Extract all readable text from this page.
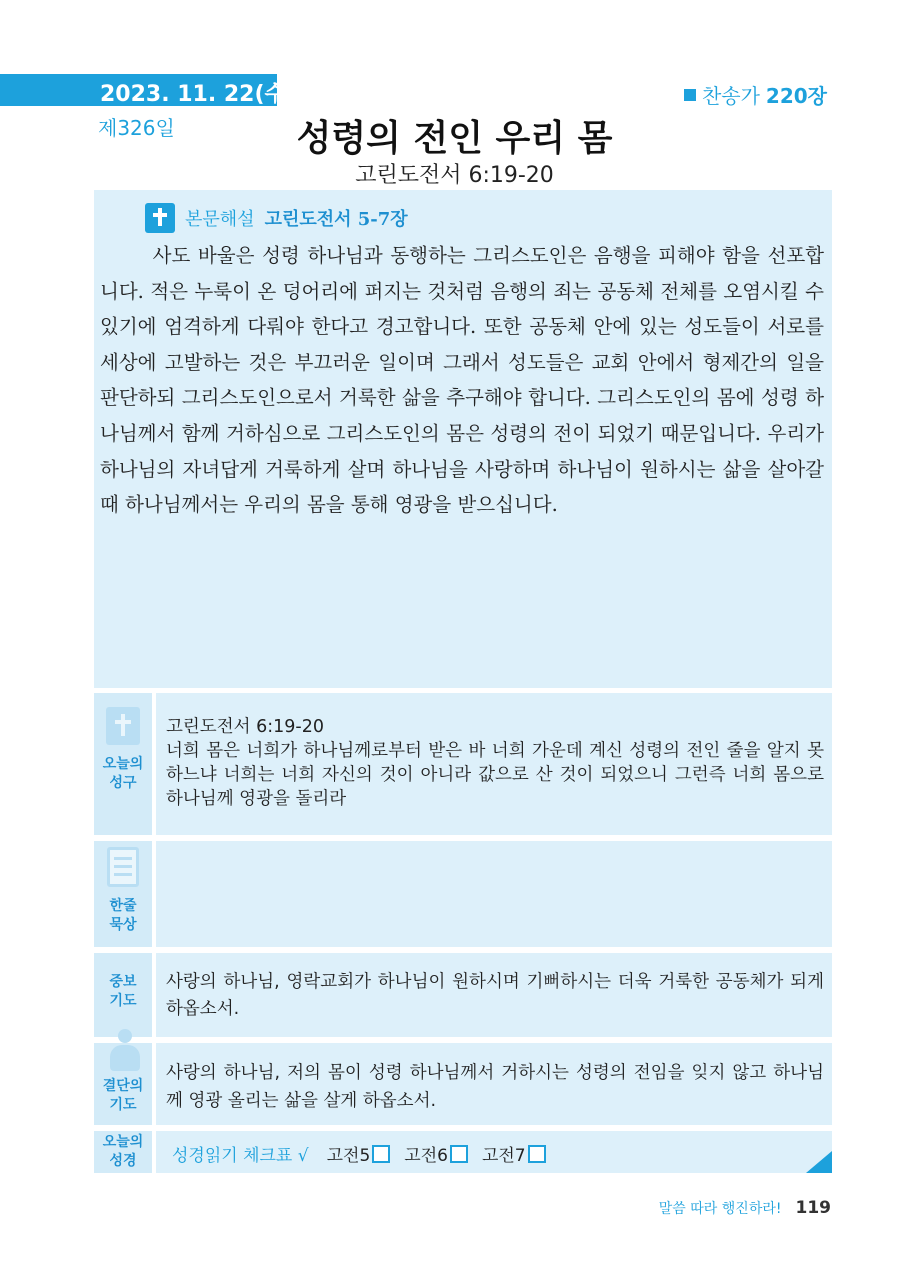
2023. 11. 22(수)
제326일
찬송가 220장
성령의 전인 우리 몸
고린도전서 6:19-20
본문해설 고린도전서 5-7장

사도 바울은 성령 하나님과 동행하는 그리스도인은 음행을 피해야 함을 선포합니다. 적은 누룩이 온 덩어리에 퍼지는 것처럼 음행의 죄는 공동체 전체를 오염시킬 수 있기에 엄격하게 다뤄야 한다고 경고합니다. 또한 공동체 안에 있는 성도들이 서로를 세상에 고발하는 것은 부끄러운 일이며 그래서 성도들은 교회 안에서 형제간의 일을 판단하되 그리스도인으로서 거룩한 삶을 추구해야 합니다. 그리스도인의 몸에 성령 하나님께서 함께 거하심으로 그리스도인의 몸은 성령의 전이 되었기 때문입니다. 우리가 하나님의 자녀답게 거룩하게 살며 하나님을 사랑하며 하나님이 원하시는 삶을 살아갈 때 하나님께서는 우리의 몸을 통해 영광을 받으십니다.

오늘의
성구
고린도전서 6:19-20
너희 몸은 너희가 하나님께로부터 받은 바 너희 가운데 계신 성령의 전인 줄을 알지 못하느냐 너희는 너희 자신의 것이 아니라 값으로 산 것이 되었으니 그런즉 너희 몸으로 하나님께 영광을 돌리라
한줄
묵상
중보
기도
사랑의 하나님, 영락교회가 하나님이 원하시며 기뻐하시는 더욱 거룩한 공동체가 되게 하옵소서.
결단의
기도
사랑의 하나님, 저의 몸이 성령 하나님께서 거하시는 성령의 전임을 잊지 않고 하나님께 영광 올리는 삶을 살게 하옵소서.
오늘의
성경	성경읽기 체크표 √ 고전5 고전6 고전7
말씀 따라 행진하라! 119
